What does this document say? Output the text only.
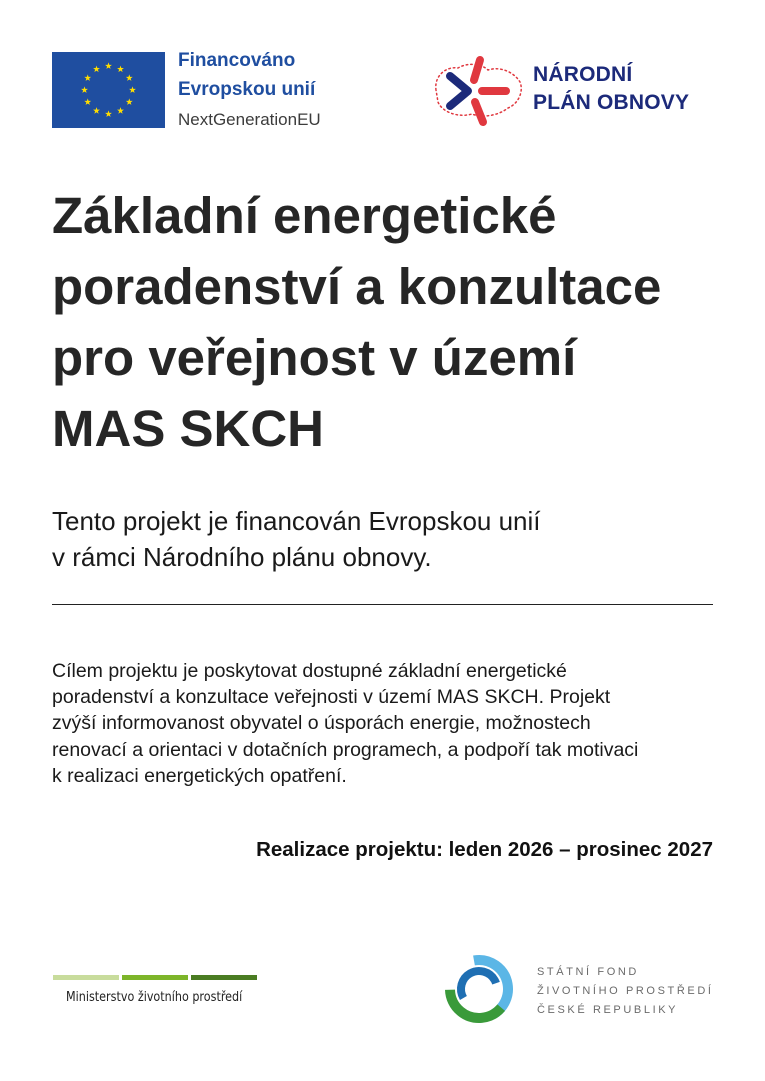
Financováno
Evropskou unií
NextGenerationEU
NÁRODNÍ
PLÁN OBNOVY
Základní energetické
poradenství a konzultace
pro veřejnost v území
MAS SKCH
Tento projekt je financován Evropskou unií
v rámci Národního plánu obnovy.
Cílem projektu je poskytovat dostupné základní energetické
poradenství a konzultace veřejnosti v území MAS SKCH. Projekt
zvýší informovanost obyvatel o úsporách energie, možnostech
renovací a orientaci v dotačních programech, a podpoří tak motivaci
k realizaci energetických opatření.
Realizace projektu: leden 2026 – prosinec 2027
Ministerstvo životního prostředí
STÁTNÍ FOND
ŽIVOTNÍHO PROSTŘEDÍ
ČESKÉ REPUBLIKY
